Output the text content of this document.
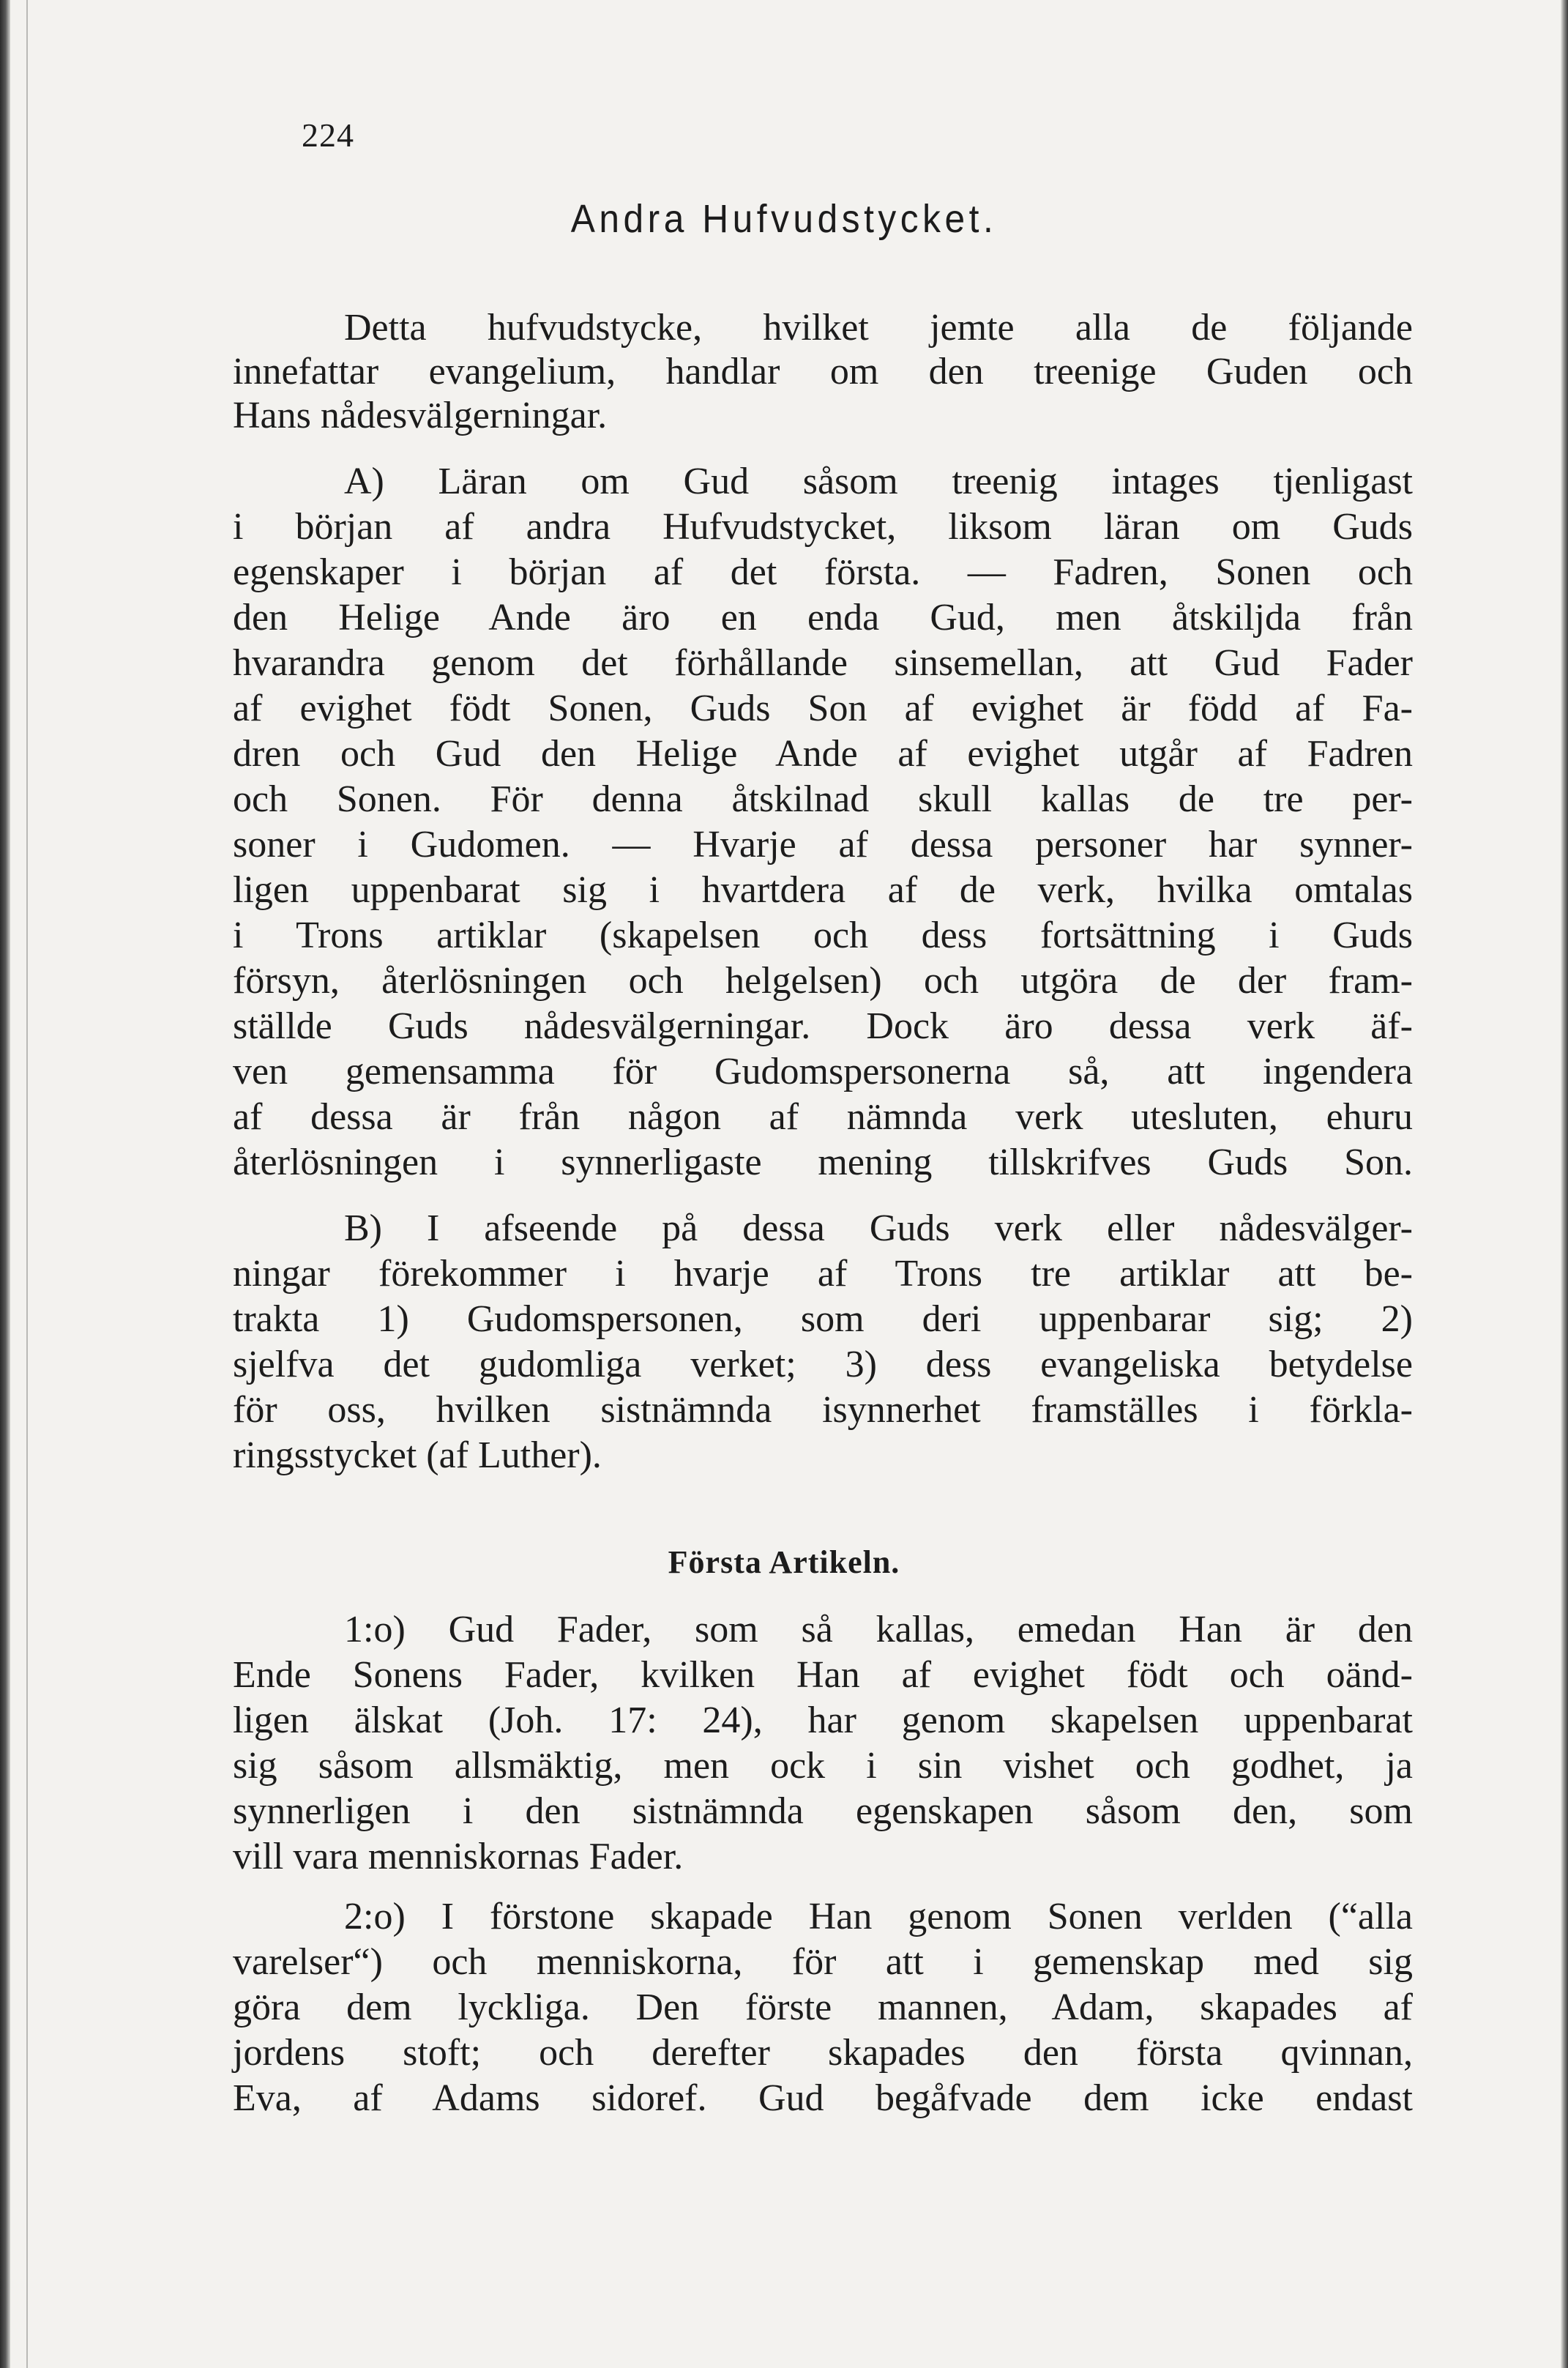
224
Andra Hufvudstycket.
Detta hufvudstycke, hvilket jemte alla de följande
innefattar evangelium, handlar om den treenige Guden och
Hans nådesvälgerningar.
A) Läran om Gud såsom treenig intages tjenligast
i början af andra Hufvudstycket, liksom läran om Guds
egenskaper i början af det första. — Fadren, Sonen och
den Helige Ande äro en enda Gud, men åtskiljda från
hvarandra genom det förhållande sinsemellan, att Gud Fader
af evighet födt Sonen, Guds Son af evighet är född af Fa-
dren och Gud den Helige Ande af evighet utgår af Fadren
och Sonen. För denna åtskilnad skull kallas de tre per-
soner i Gudomen. — Hvarje af dessa personer har synner-
ligen uppenbarat sig i hvartdera af de verk, hvilka omtalas
i Trons artiklar (skapelsen och dess fortsättning i Guds
försyn, återlösningen och helgelsen) och utgöra de der fram-
ställde Guds nådesvälgerningar. Dock äro dessa verk äf-
ven gemensamma för Gudomspersonerna så, att ingendera
af dessa är från någon af nämnda verk utesluten, ehuru
återlösningen i synnerligaste mening tillskrifves Guds Son.
B) I afseende på dessa Guds verk eller nådesvälger-
ningar förekommer i hvarje af Trons tre artiklar att be-
trakta 1) Gudomspersonen, som deri uppenbarar sig; 2)
sjelfva det gudomliga verket; 3) dess evangeliska betydelse
för oss, hvilken sistnämnda isynnerhet framställes i förkla-
ringsstycket (af Luther).
Första Artikeln.
1:o) Gud Fader, som så kallas, emedan Han är den
Ende Sonens Fader, kvilken Han af evighet födt och oänd-
ligen älskat (Joh. 17: 24), har genom skapelsen uppenbarat
sig såsom allsmäktig, men ock i sin vishet och godhet, ja
synnerligen i den sistnämnda egenskapen såsom den, som
vill vara menniskornas Fader.
2:o) I förstone skapade Han genom Sonen verlden (“alla
varelser“) och menniskorna, för att i gemenskap med sig
göra dem lyckliga. Den förste mannen, Adam, skapades af
jordens stoft; och derefter skapades den första qvinnan,
Eva, af Adams sidoref. Gud begåfvade dem icke endast
